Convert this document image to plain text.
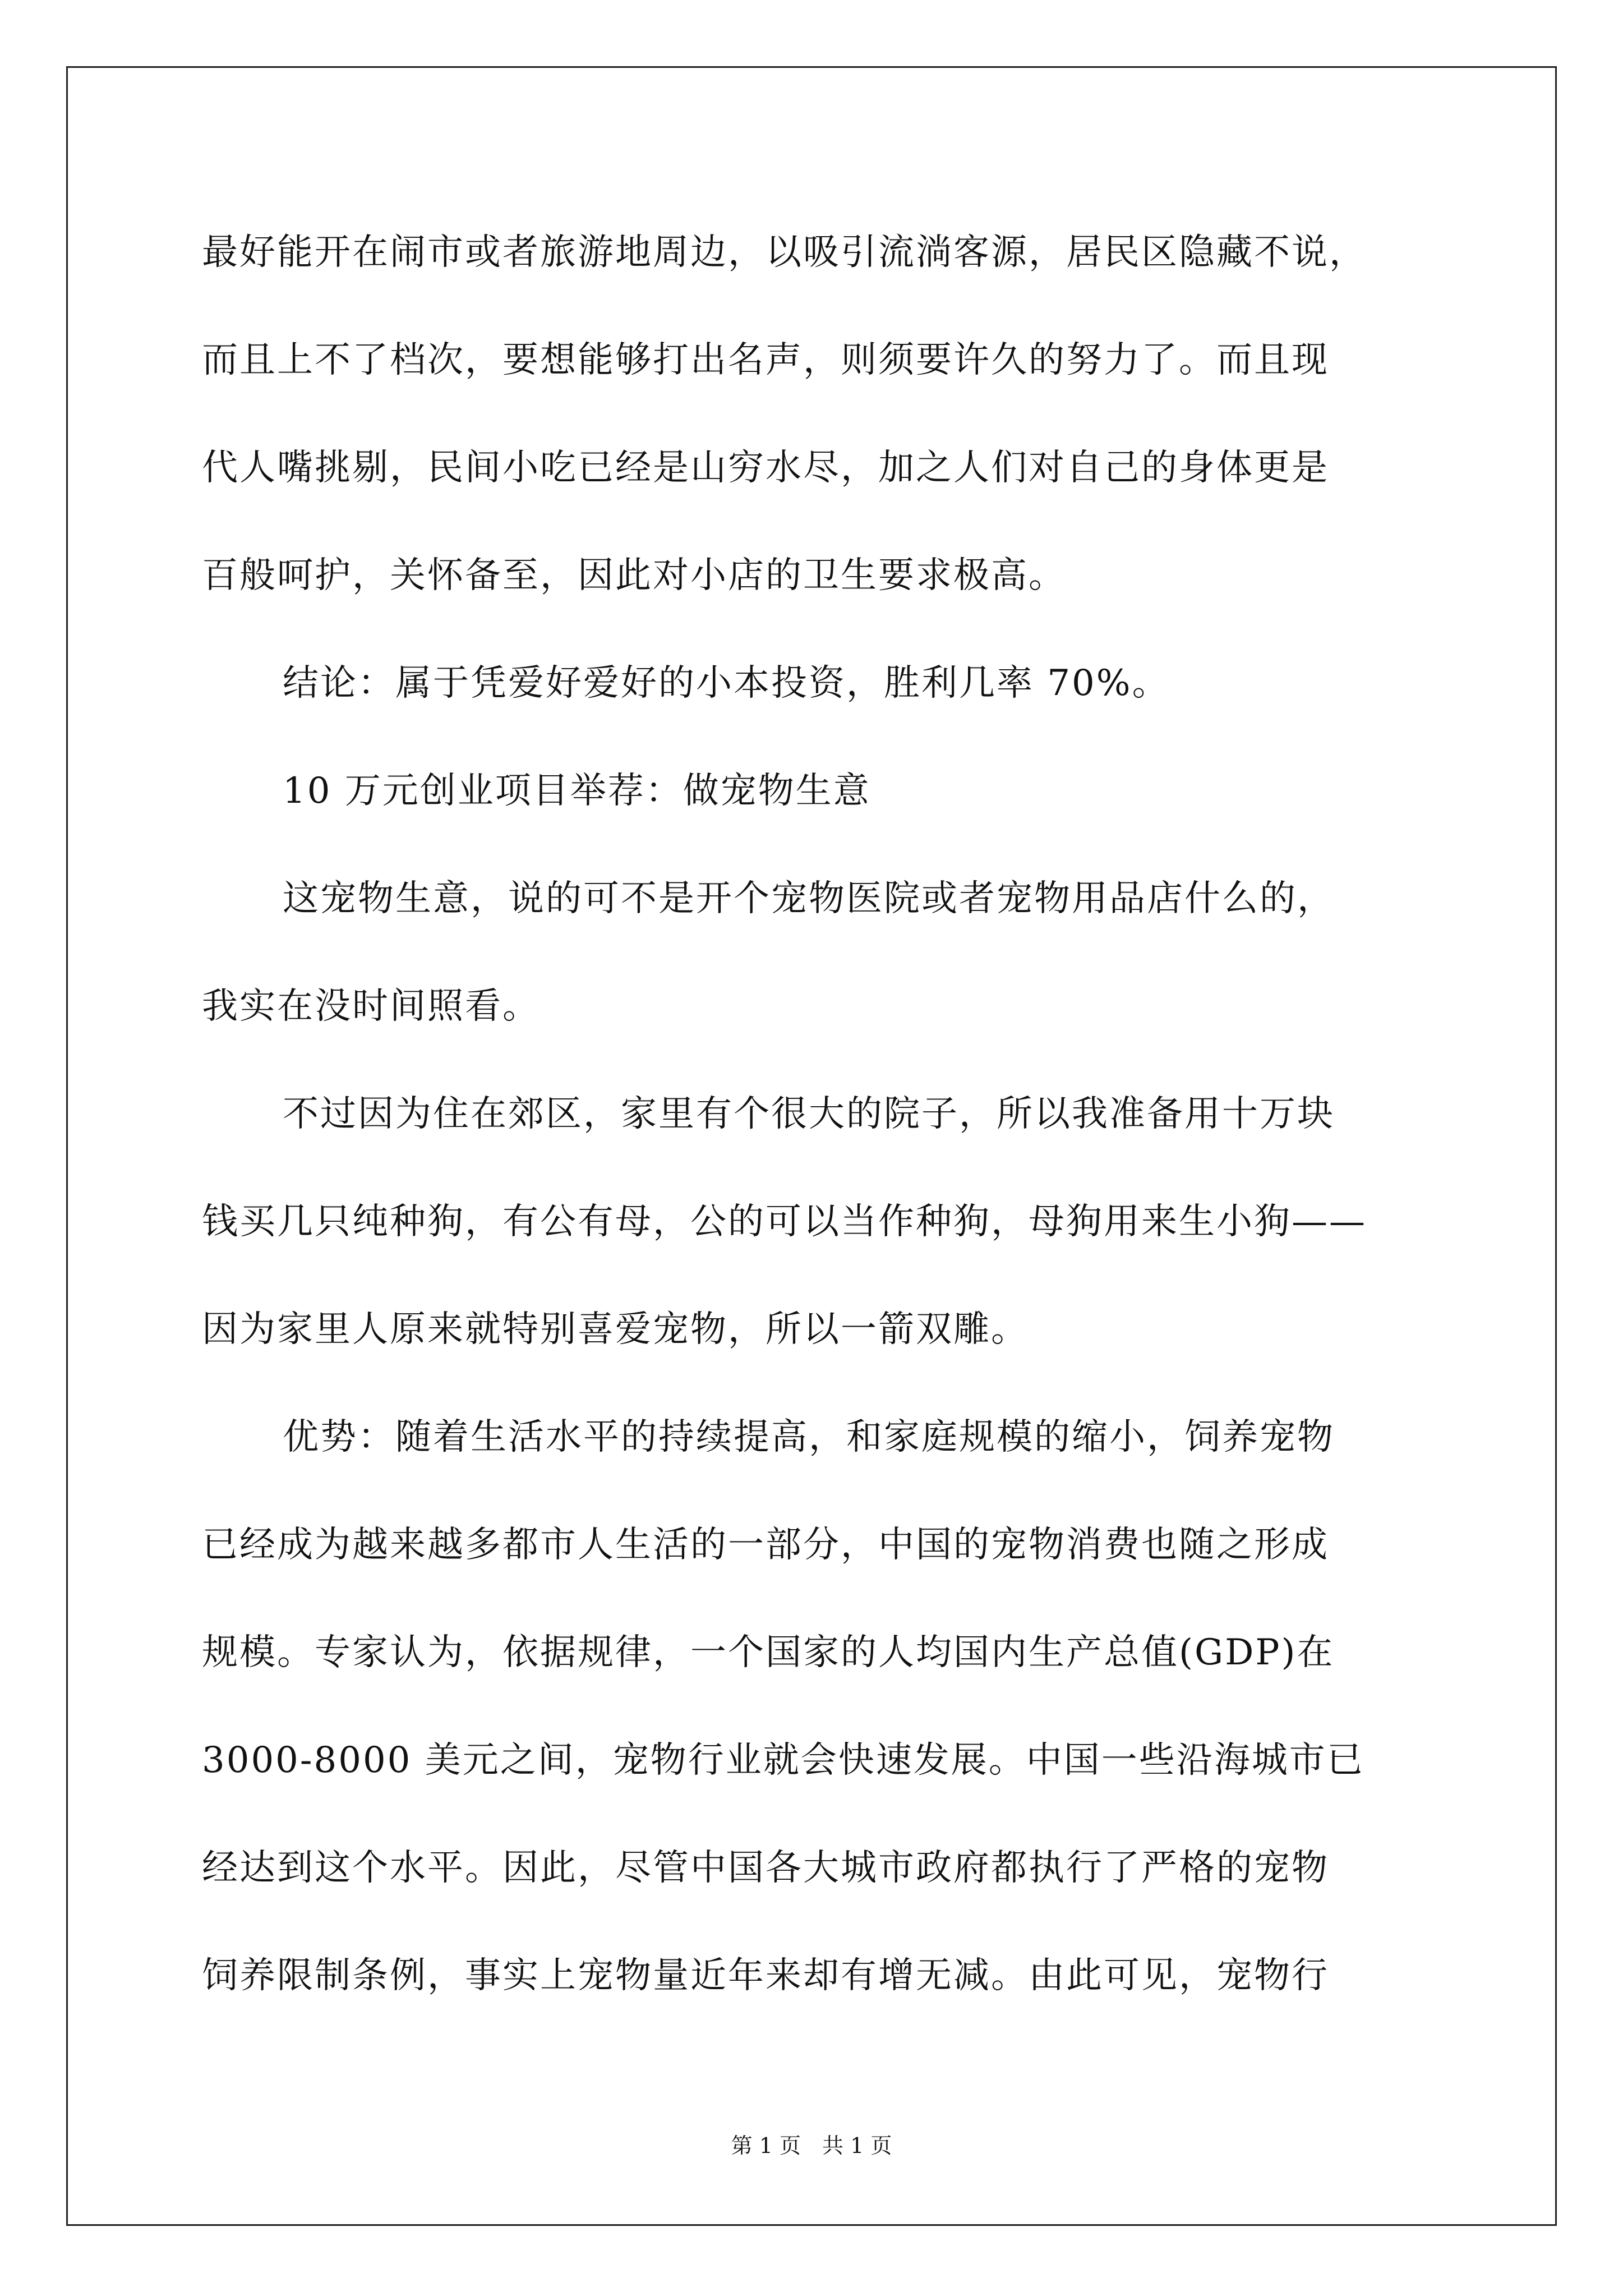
最好能开在闹市或者旅游地周边，以吸引流淌客源，居民区隐藏不说，
而且上不了档次，要想能够打出名声，则须要许久的努力了。而且现
代人嘴挑剔，民间小吃已经是山穷水尽，加之人们对自己的身体更是
百般呵护，关怀备至，因此对小店的卫生要求极高。
结论：属于凭爱好爱好的小本投资，胜利几率 70%。
10 万元创业项目举荐：做宠物生意
这宠物生意，说的可不是开个宠物医院或者宠物用品店什么的，
我实在没时间照看。
不过因为住在郊区，家里有个很大的院子，所以我准备用十万块
钱买几只纯种狗，有公有母，公的可以当作种狗，母狗用来生小狗——
因为家里人原来就特别喜爱宠物，所以一箭双雕。
优势：随着生活水平的持续提高，和家庭规模的缩小，饲养宠物
已经成为越来越多都市人生活的一部分，中国的宠物消费也随之形成
规模。专家认为，依据规律，一个国家的人均国内生产总值(GDP)在
3000-8000 美元之间，宠物行业就会快速发展。中国一些沿海城市已
经达到这个水平。因此，尽管中国各大城市政府都执行了严格的宠物
饲养限制条例，事实上宠物量近年来却有增无减。由此可见，宠物行
第 1 页　共 1 页
